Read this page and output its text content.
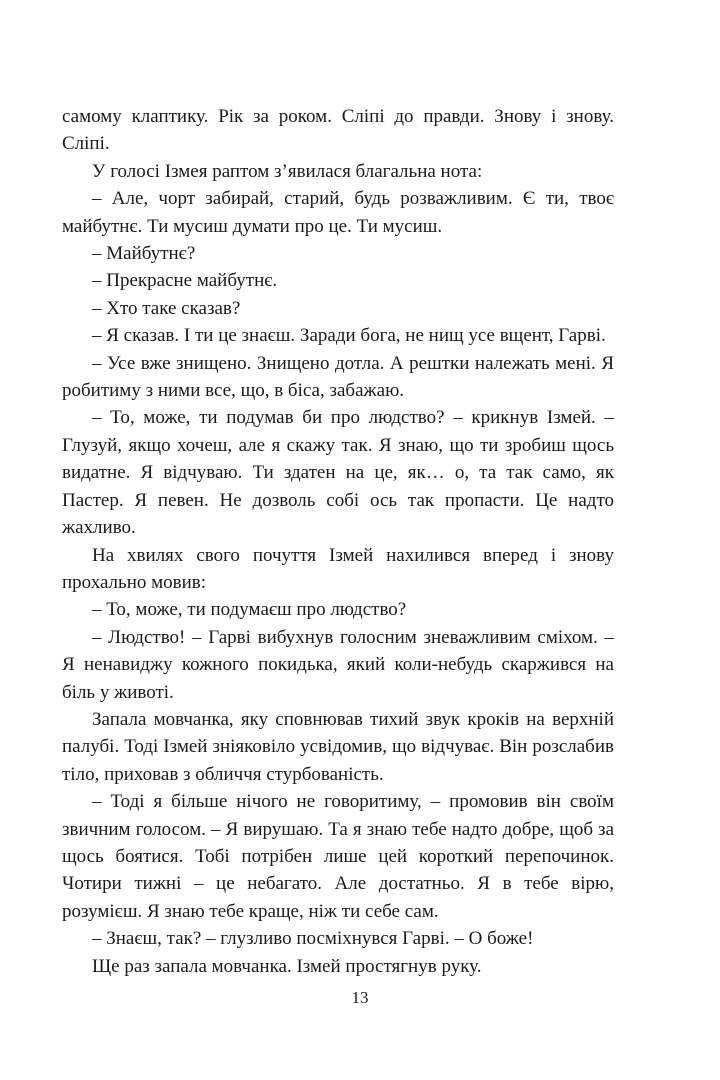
самому клаптику. Рік за роком. Сліпі до правди. Знову і знову. Сліпі.

У голосі Ізмея раптом з’явилася благальна нота:

– Але, чорт забирай, старий, будь розважливим. Є ти, твоє майбутнє. Ти мусиш думати про це. Ти мусиш.

– Майбутнє?

– Прекрасне майбутнє.

– Хто таке сказав?

– Я сказав. І ти це знаєш. Заради бога, не нищ усе вщент, Гарві.

– Усе вже знищено. Знищено дотла. А рештки належать мені. Я робитиму з ними все, що, в біса, забажаю.

– То, може, ти подумав би про людство? – крикнув Ізмей. – Глузуй, якщо хочеш, але я скажу так. Я знаю, що ти зробиш щось видатне. Я відчуваю. Ти здатен на це, як… о, та так само, як Пастер. Я певен. Не дозволь собі ось так пропасти. Це надто жахливо.

На хвилях свого почуття Ізмей нахилився вперед і знову прохально мовив:

– То, може, ти подумаєш про людство?

– Людство! – Гарві вибухнув голосним зневажливим сміхом. – Я ненавиджу кожного покидька, який коли-небудь скаржився на біль у животі.

Запала мовчанка, яку сповнював тихий звук кроків на верхній палубі. Тоді Ізмей зніяковіло усвідомив, що відчуває. Він розслабив тіло, приховав з обличчя стурбованість.

– Тоді я більше нічого не говоритиму, – промовив він своїм звичним голосом. – Я вирушаю. Та я знаю тебе надто добре, щоб за щось боятися. Тобі потрібен лише цей короткий перепочинок. Чотири тижні – це небагато. Але достатньо. Я в тебе вірю, розумієш. Я знаю тебе краще, ніж ти себе сам.

– Знаєш, так? – глузливо посміхнувся Гарві. – О боже!

Ще раз запала мовчанка. Ізмей простягнув руку.

13
